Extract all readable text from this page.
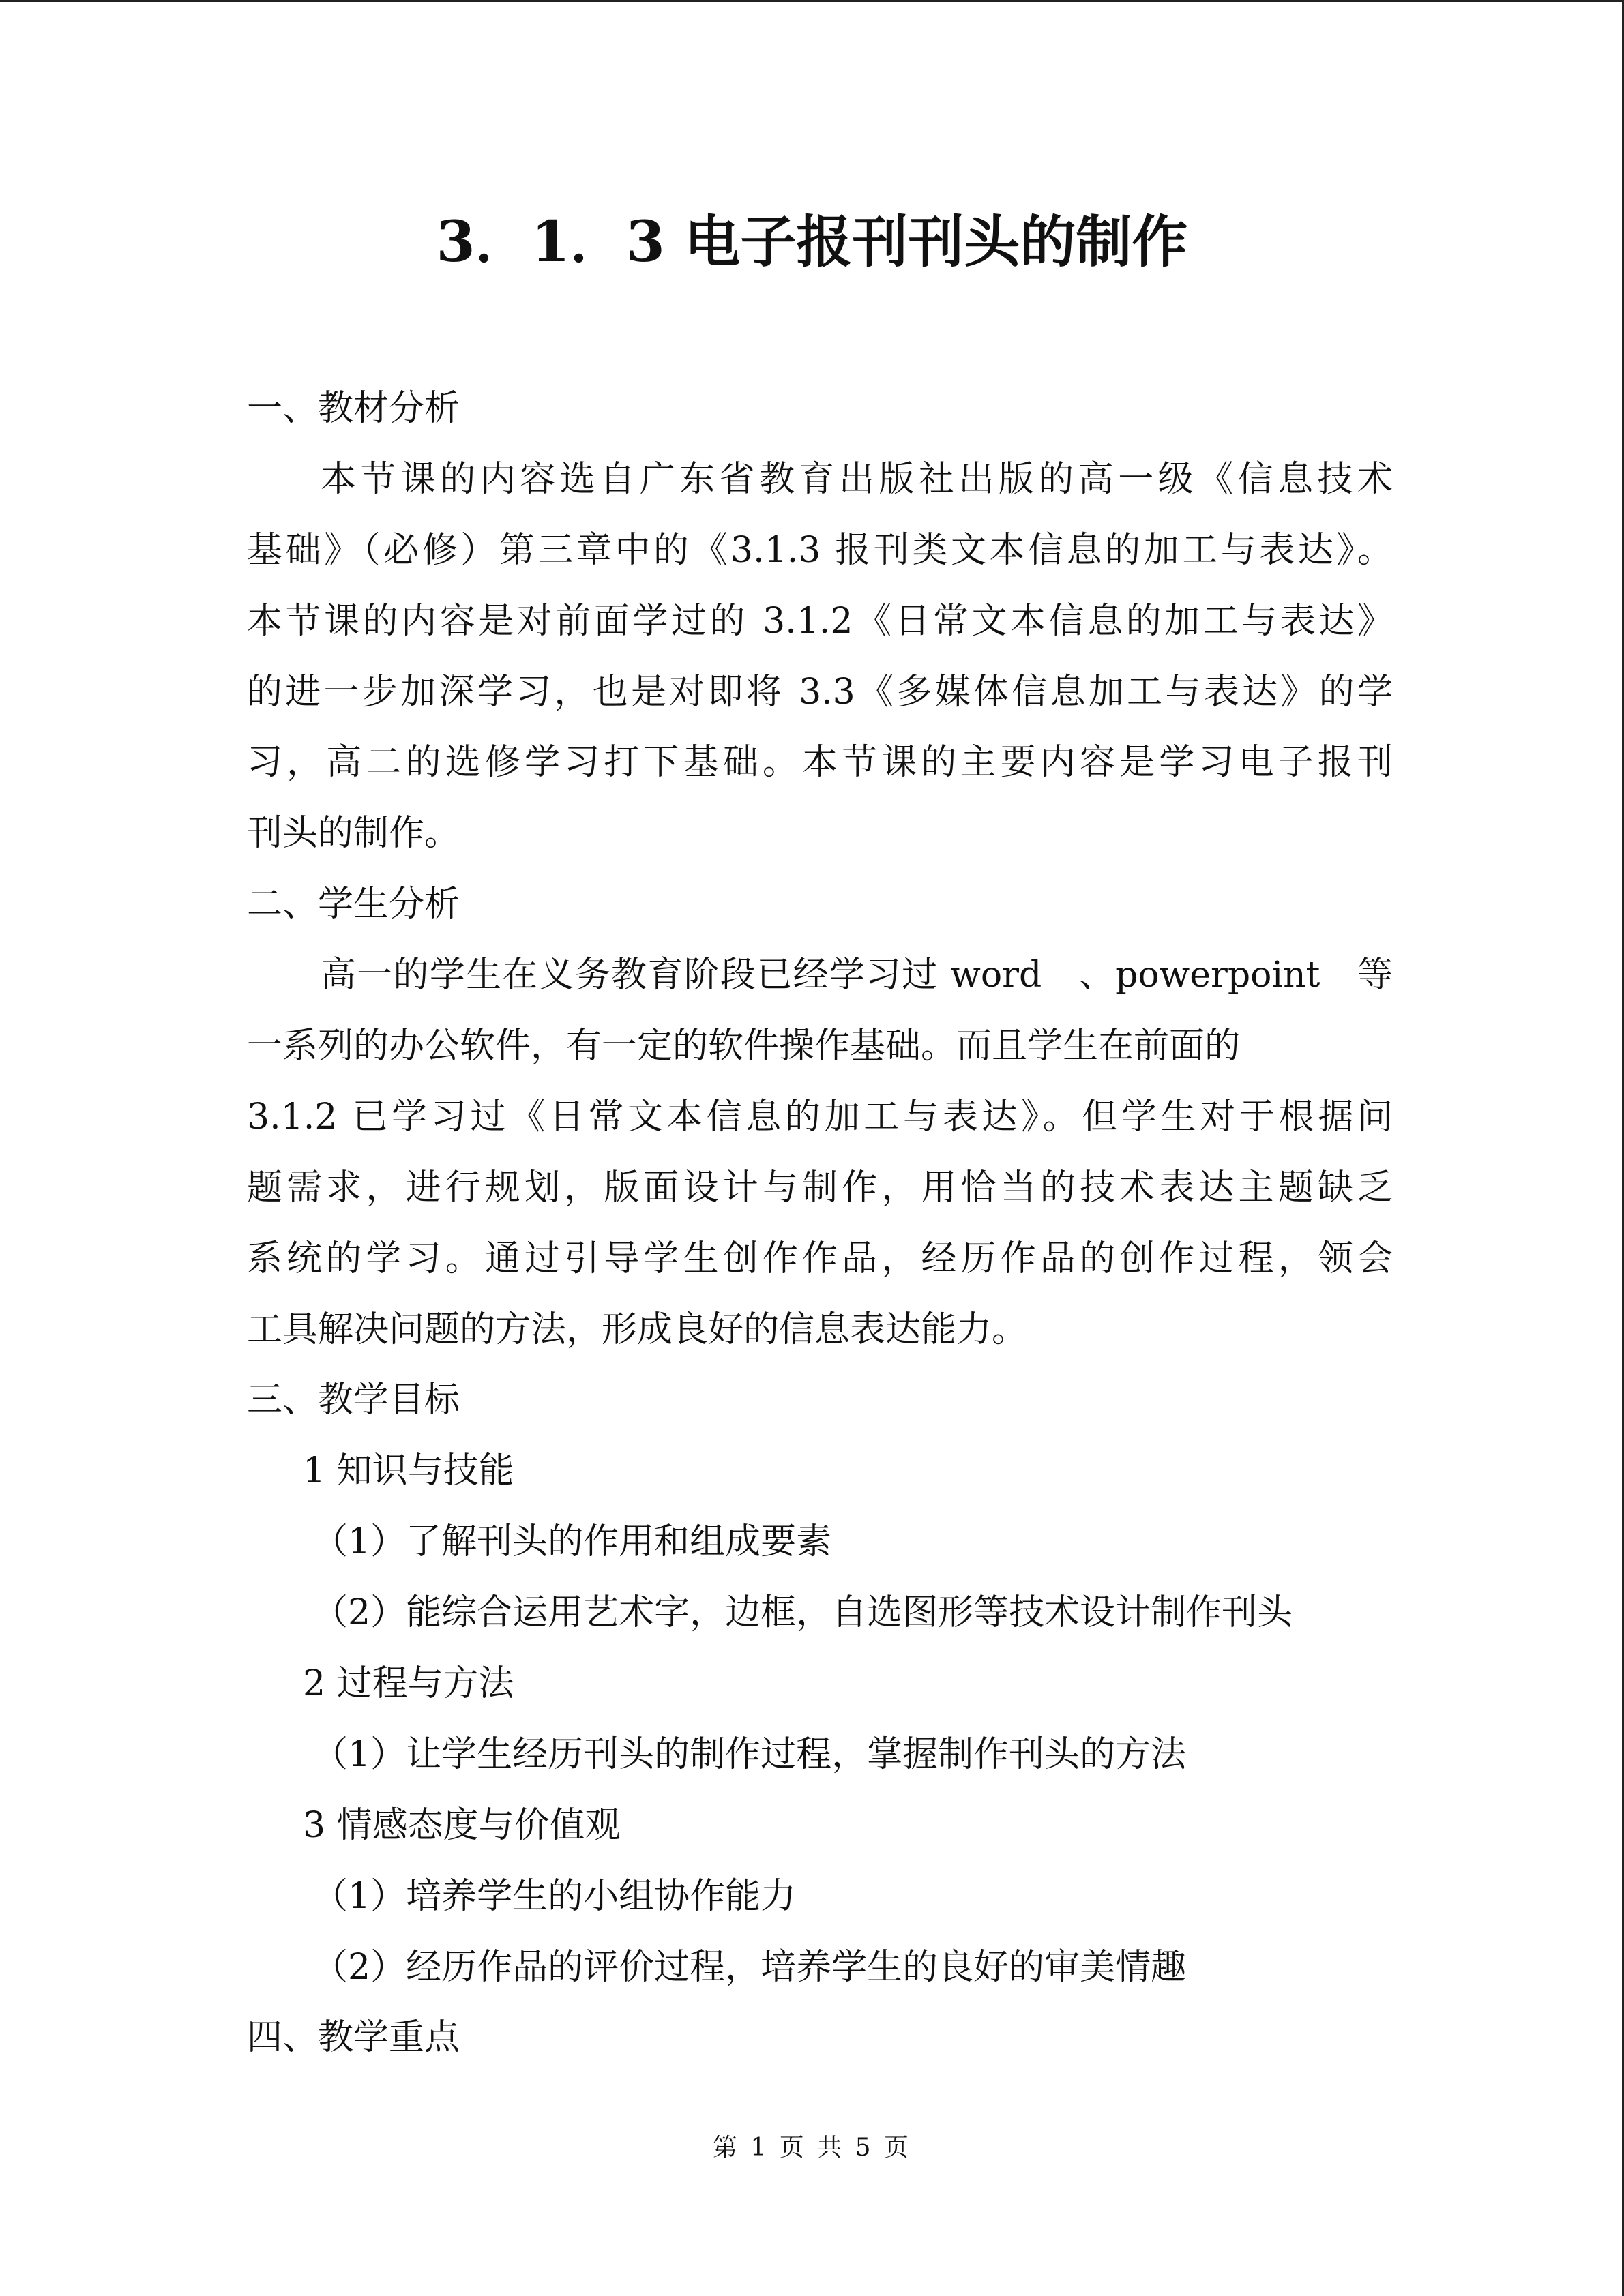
3．1．3 电子报刊刊头的制作
一、教材分析
本节课的内容选自广东省教育出版社出版的高一级《信息技术
基础》（必修）第三章中的《3.1.3 报刊类文本信息的加工与表达》。
本节课的内容是对前面学过的 3.1.2《日常文本信息的加工与表达》
的进一步加深学习，也是对即将 3.3《多媒体信息加工与表达》的学
习，高二的选修学习打下基础。本节课的主要内容是学习电子报刊
刊头的制作。
二、学生分析
高一的学生在义务教育阶段已经学习过 word　、powerpoint　等
一系列的办公软件，有一定的软件操作基础。而且学生在前面的
3.1.2 已学习过《日常文本信息的加工与表达》。但学生对于根据问
题需求，进行规划，版面设计与制作，用恰当的技术表达主题缺乏
系统的学习。通过引导学生创作作品，经历作品的创作过程，领会
工具解决问题的方法，形成良好的信息表达能力。
三、教学目标
1 知识与技能
（1）了解刊头的作用和组成要素
（2）能综合运用艺术字，边框，自选图形等技术设计制作刊头
2 过程与方法
（1）让学生经历刊头的制作过程，掌握制作刊头的方法
3 情感态度与价值观
（1）培养学生的小组协作能力
（2）经历作品的评价过程，培养学生的良好的审美情趣
四、教学重点
第 1 页 共 5 页
